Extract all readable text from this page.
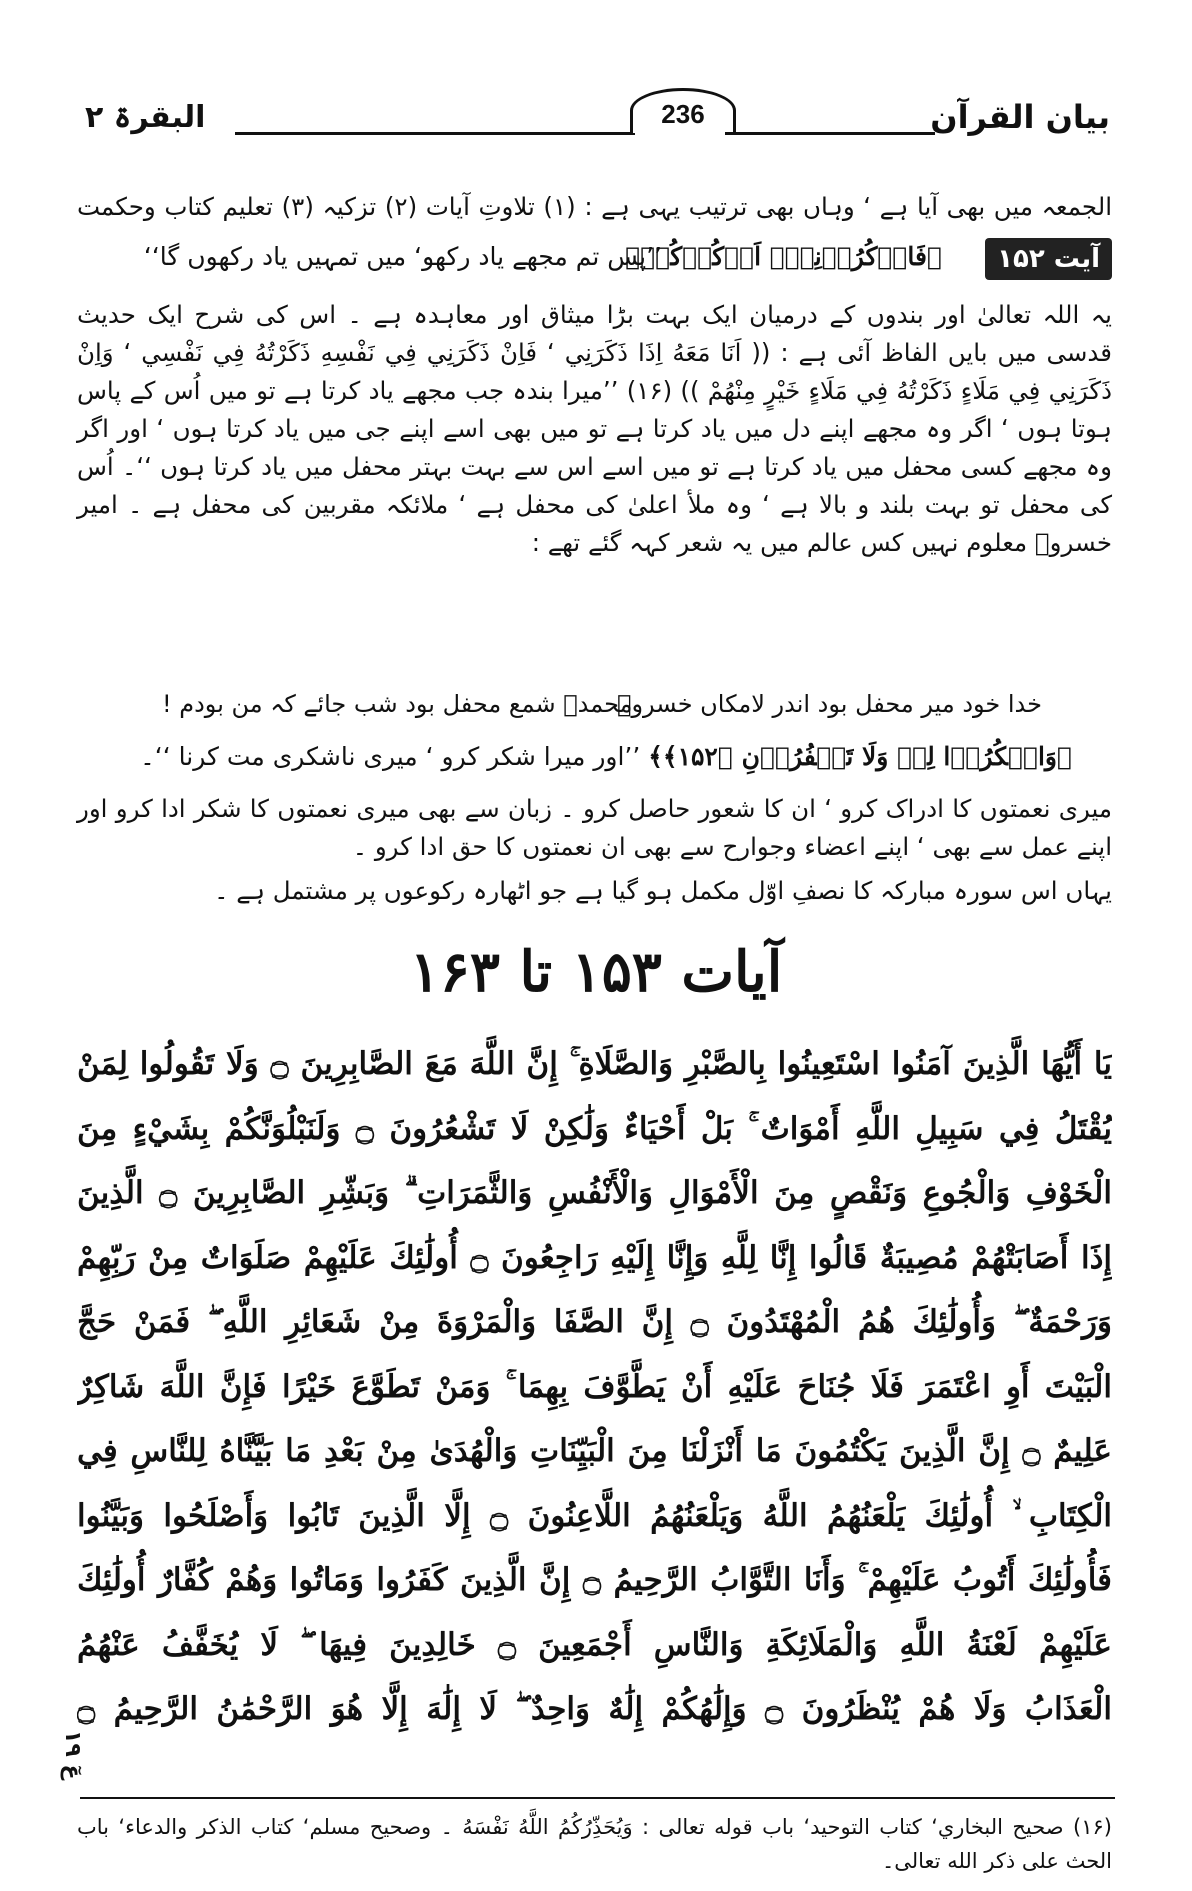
البقرۃ ۲	236	بیان القرآن
الجمعہ میں بھی آیا ہے ‘ وہاں بھی ترتیب یہی ہے : (۱) تلاوتِ آیات (۲) تزکیہ (۳) تعلیم کتاب وحکمت
آیت ۱۵۲
﴿فَاذۡکُرُوۡنِیۡۤ اَذۡکُرۡکُمۡ﴾
’’پس تم مجھے یاد رکھو‘ میں تمہیں یاد رکھوں گا‘‘
یہ اللہ تعالیٰ اور بندوں کے درمیان ایک بہت بڑا میثاق اور معاہدہ ہے ۔ اس کی شرح ایک حدیث قدسی میں بایں الفاظ آئی ہے : (( اَنَا مَعَهُ اِذَا ذَكَرَنِي ‘ فَاِنْ ذَكَرَنِي فِي نَفْسِهِ ذَكَرْتُهُ فِي نَفْسِي ‘ وَاِنْ ذَكَرَنِي فِي مَلَاءٍ ذَكَرْتُهُ فِي مَلَاءٍ خَيْرٍ مِنْهُمْ )) (۱۶) ’’میرا بندہ جب مجھے یاد کرتا ہے تو میں اُس کے پاس ہوتا ہوں ‘ اگر وہ مجھے اپنے دل میں یاد کرتا ہے تو میں بھی اسے اپنے جی میں یاد کرتا ہوں ‘ اور اگر وہ مجھے کسی محفل میں یاد کرتا ہے تو میں اسے اس سے بہت بہتر محفل میں یاد کرتا ہوں ‘‘۔ اُس کی محفل تو بہت بلند و بالا ہے ‘ وہ ملأ اعلیٰ کی محفل ہے ‘ ملائکہ مقربین کی محفل ہے ۔ امیر خسروؒ معلوم نہیں کس عالم میں یہ شعر کہہ گئے تھے :
خدا خود میر محفل بود اندر لامکاں خسروؔ
محمدؐ شمع محفل بود شب جائے کہ من بودم !
﴿وَاشۡکُرُوۡا لِیۡ وَلَا تَکۡفُرُوۡنِ ﴿۱۵۲﴾﴾ ’’اور میرا شکر کرو ‘ میری ناشکری مت کرنا ‘‘۔
میری نعمتوں کا ادراک کرو ‘ ان کا شعور حاصل کرو ۔ زبان سے بھی میری نعمتوں کا شکر ادا کرو اور اپنے عمل سے بھی ‘ اپنے اعضاء وجوارح سے بھی ان نعمتوں کا حق ادا کرو ۔
یہاں اس سورہ مبارکہ کا نصفِ اوّل مکمل ہو گیا ہے جو اٹھارہ رکوعوں پر مشتمل ہے ۔
آیات ۱۵۳ تا ۱۶۳
يَا أَيُّهَا الَّذِينَ آمَنُوا اسْتَعِينُوا بِالصَّبْرِ وَالصَّلَاةِ ۚ إِنَّ اللَّهَ مَعَ الصَّابِرِينَ ۝ وَلَا تَقُولُوا لِمَنْ
يُقْتَلُ فِي سَبِيلِ اللَّهِ أَمْوَاتٌ ۚ بَلْ أَحْيَاءٌ وَلَٰكِنْ لَا تَشْعُرُونَ ۝ وَلَنَبْلُوَنَّكُمْ بِشَيْءٍ مِنَ
الْخَوْفِ وَالْجُوعِ وَنَقْصٍ مِنَ الْأَمْوَالِ وَالْأَنْفُسِ وَالثَّمَرَاتِ ۗ وَبَشِّرِ الصَّابِرِينَ ۝ الَّذِينَ
إِذَا أَصَابَتْهُمْ مُصِيبَةٌ قَالُوا إِنَّا لِلَّهِ وَإِنَّا إِلَيْهِ رَاجِعُونَ ۝ أُولَٰئِكَ عَلَيْهِمْ صَلَوَاتٌ مِنْ رَبِّهِمْ
وَرَحْمَةٌ ۖ وَأُولَٰئِكَ هُمُ الْمُهْتَدُونَ ۝ إِنَّ الصَّفَا وَالْمَرْوَةَ مِنْ شَعَائِرِ اللَّهِ ۖ فَمَنْ حَجَّ
الْبَيْتَ أَوِ اعْتَمَرَ فَلَا جُنَاحَ عَلَيْهِ أَنْ يَطَّوَّفَ بِهِمَا ۚ وَمَنْ تَطَوَّعَ خَيْرًا فَإِنَّ اللَّهَ شَاكِرٌ
عَلِيمٌ ۝ إِنَّ الَّذِينَ يَكْتُمُونَ مَا أَنْزَلْنَا مِنَ الْبَيِّنَاتِ وَالْهُدَىٰ مِنْ بَعْدِ مَا بَيَّنَّاهُ لِلنَّاسِ فِي
الْكِتَابِ ۙ أُولَٰئِكَ يَلْعَنُهُمُ اللَّهُ وَيَلْعَنُهُمُ اللَّاعِنُونَ ۝ إِلَّا الَّذِينَ تَابُوا وَأَصْلَحُوا وَبَيَّنُوا
فَأُولَٰئِكَ أَتُوبُ عَلَيْهِمْ ۚ وَأَنَا التَّوَّابُ الرَّحِيمُ ۝ إِنَّ الَّذِينَ كَفَرُوا وَمَاتُوا وَهُمْ كُفَّارٌ أُولَٰئِكَ
عَلَيْهِمْ لَعْنَةُ اللَّهِ وَالْمَلَائِكَةِ وَالنَّاسِ أَجْمَعِينَ ۝ خَالِدِينَ فِيهَا ۖ لَا يُخَفَّفُ عَنْهُمُ
الْعَذَابُ وَلَا هُمْ يُنْظَرُونَ ۝ وَإِلَٰهُكُمْ إِلَٰهٌ وَاحِدٌ ۖ لَا إِلَٰهَ إِلَّا هُوَ الرَّحْمَٰنُ الرَّحِيمُ ۝
عٓ ۱۹
(۱۶) صحيح البخاري‘ كتاب التوحيد‘ باب قوله تعالى : وَيُحَذِّرُكُمُ اللَّهُ نَفْسَهُ ۔ وصحيح مسلم‘ كتاب الذكر والدعاء‘ باب الحث على ذكر الله تعالى۔
